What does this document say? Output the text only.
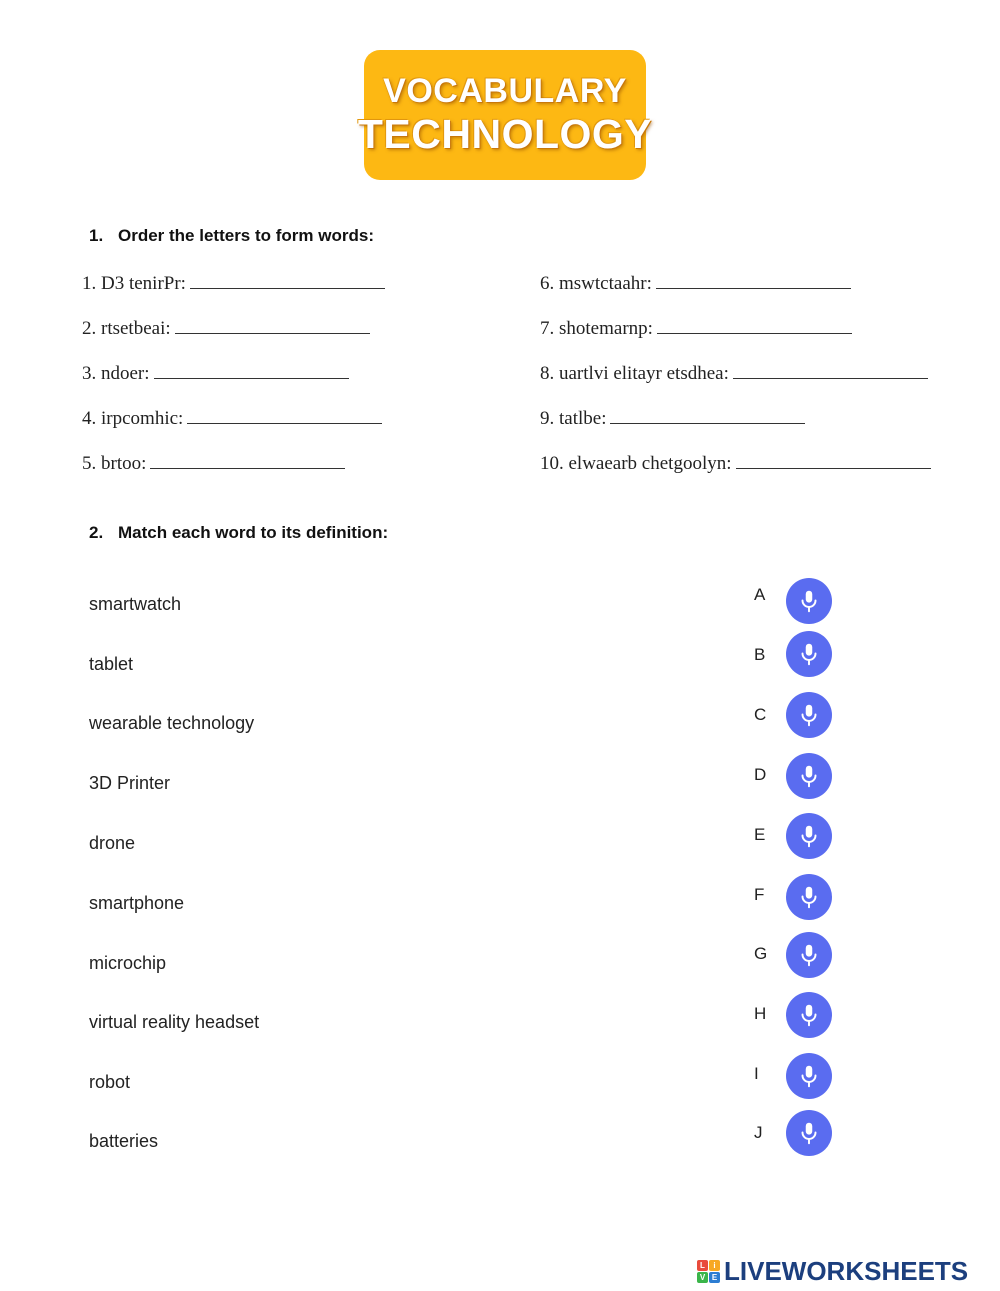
VOCABULARY
TECHNOLOGY
1. Order the letters to form words:
1. D3 tenirPr:
2. rtsetbeai:
3. ndoer:
4. irpcomhic:
5. brtoo:
6. mswtctaahr:
7. shotemarnp:
8. uartlvi elitayr etsdhea:
9. tatlbe:
10. elwaearb chetgoolyn:
2. Match each word to its definition:
smartwatch
tablet
wearable technology
3D Printer
drone
smartphone
microchip
virtual reality headset
robot
batteries
A
B
C
D
E
F
G
H
I
J
L	i
V E LIVEWORKSHEETS
